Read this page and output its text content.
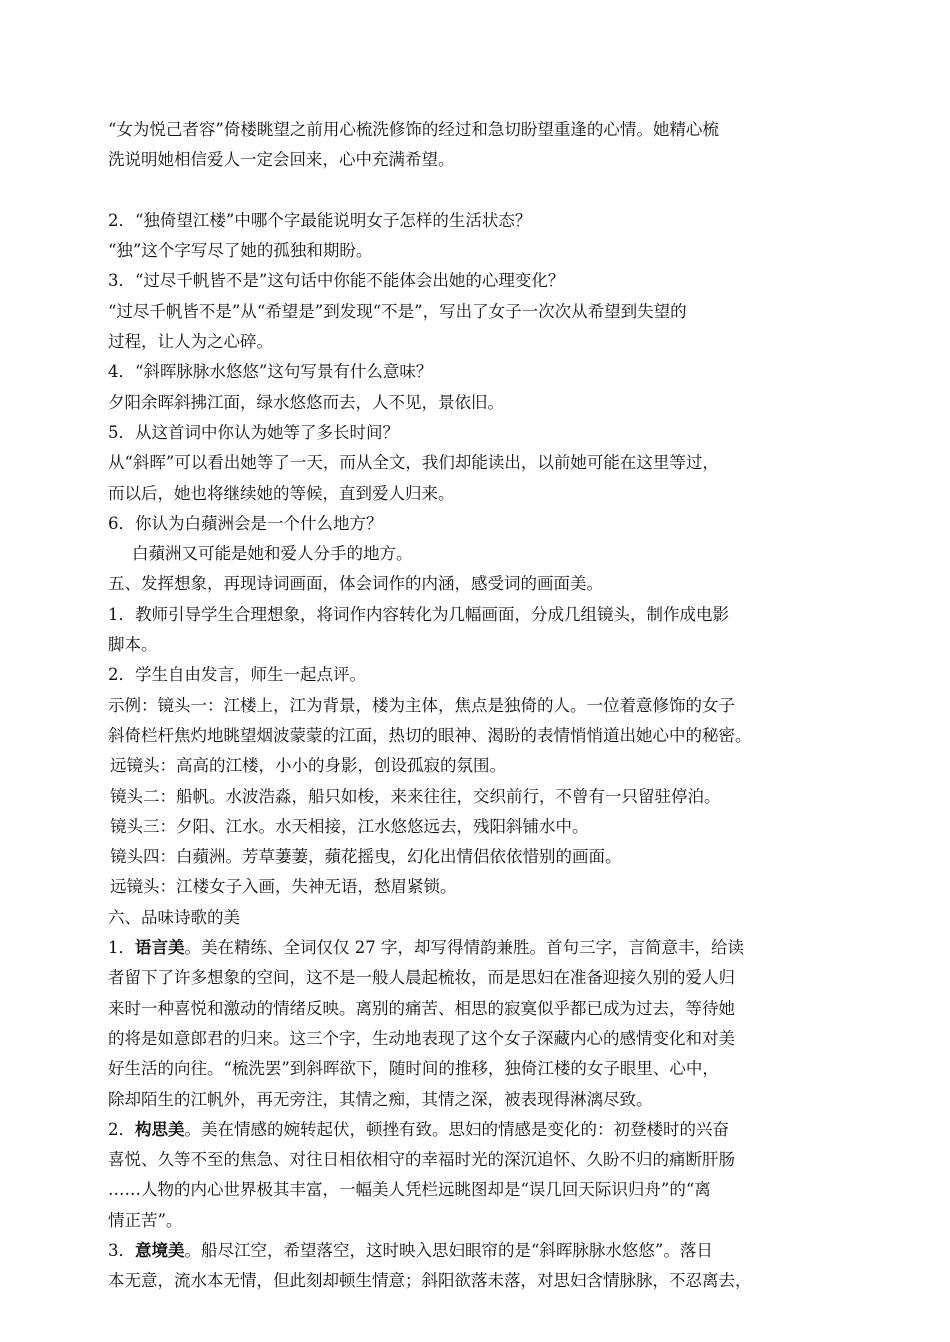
“女为悦己者容”倚楼眺望之前用心梳洗修饰的经过和急切盼望重逢的心情。她精心梳
洗说明她相信爱人一定会回来，心中充满希望。
2．“独倚望江楼”中哪个字最能说明女子怎样的生活状态？
“独”这个字写尽了她的孤独和期盼。
3．“过尽千帆皆不是”这句话中你能不能体会出她的心理变化？
“过尽千帆皆不是”从“希望是”到发现“不是”，写出了女子一次次从希望到失望的
过程，让人为之心碎。
4．“斜晖脉脉水悠悠”这句写景有什么意味？
夕阳余晖斜拂江面，绿水悠悠而去，人不见，景依旧。
5．从这首词中你认为她等了多长时间？
从“斜晖”可以看出她等了一天，而从全文，我们却能读出，以前她可能在这里等过，
而以后，她也将继续她的等候，直到爱人归来。
6．你认为白蘋洲会是一个什么地方？
白蘋洲又可能是她和爱人分手的地方。
五、发挥想象，再现诗词画面，体会词作的内涵，感受词的画面美。
1．教师引导学生合理想象，将词作内容转化为几幅画面，分成几组镜头，制作成电影
脚本。
2．学生自由发言，师生一起点评。
示例：镜头一：江楼上，江为背景，楼为主体，焦点是独倚的人。一位着意修饰的女子
斜倚栏杆焦灼地眺望烟波蒙蒙的江面，热切的眼神、渴盼的表情悄悄道出她心中的秘密。
远镜头：高高的江楼，小小的身影，创设孤寂的氛围。
镜头二：船帆。水波浩淼，船只如梭，来来往往，交织前行，不曾有一只留驻停泊。
镜头三：夕阳、江水。水天相接，江水悠悠远去，残阳斜铺水中。
镜头四：白蘋洲。芳草萋萋，蘋花摇曳，幻化出情侣依依惜别的画面。
远镜头：江楼女子入画，失神无语，愁眉紧锁。
六、品味诗歌的美
1．语言美。美在精练、全词仅仅 27 字，却写得情韵兼胜。首句三字，言简意丰，给读
者留下了许多想象的空间，这不是一般人晨起梳妆，而是思妇在准备迎接久别的爱人归
来时一种喜悦和激动的情绪反映。离别的痛苦、相思的寂寞似乎都已成为过去，等待她
的将是如意郎君的归来。这三个字，生动地表现了这个女子深藏内心的感情变化和对美
好生活的向往。“梳洗罢”到斜晖欲下，随时间的推移，独倚江楼的女子眼里、心中，
除却陌生的江帆外，再无旁注，其情之痴，其情之深，被表现得淋漓尽致。
2．构思美。美在情感的婉转起伏，顿挫有致。思妇的情感是变化的：初登楼时的兴奋
喜悦、久等不至的焦急、对往日相依相守的幸福时光的深沉追怀、久盼不归的痛断肝肠
……人物的内心世界极其丰富，一幅美人凭栏远眺图却是“误几回天际识归舟”的“离
情正苦”。
3．意境美。船尽江空，希望落空，这时映入思妇眼帘的是“斜晖脉脉水悠悠”。落日
本无意，流水本无情，但此刻却顿生情意；斜阳欲落未落，对思妇含情脉脉，不忍离去，
